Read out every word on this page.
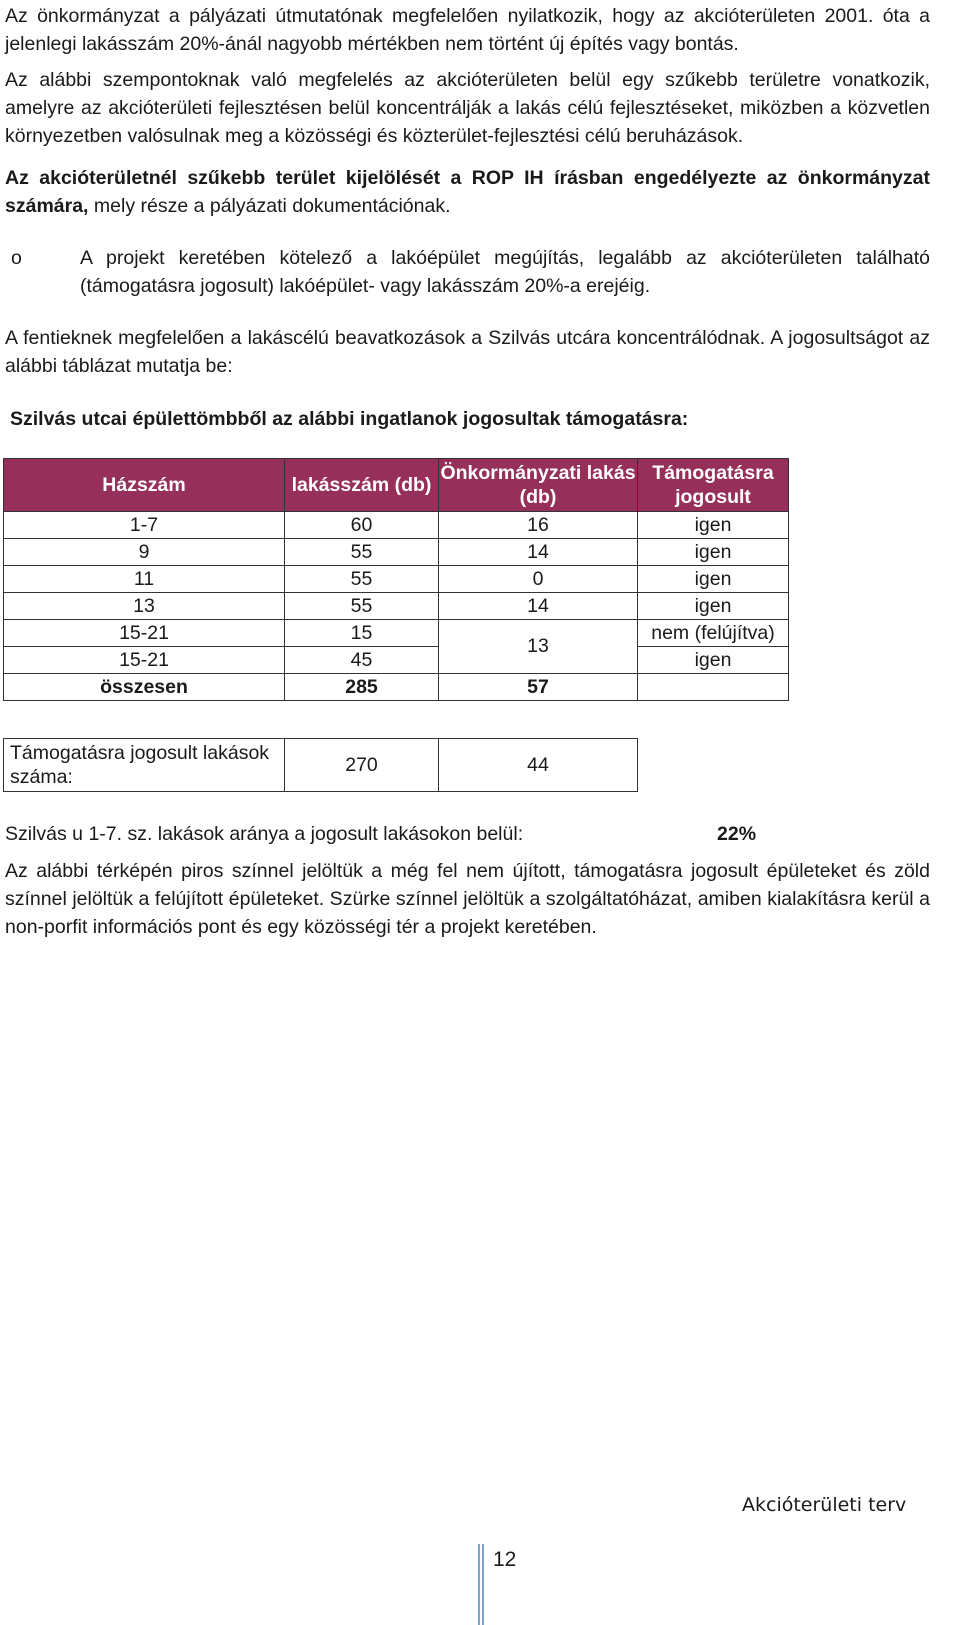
Az önkormányzat a pályázati útmutatónak megfelelően nyilatkozik, hogy az akcióterületen 2001. óta a jelenlegi lakásszám 20%-ánál nagyobb mértékben nem történt új építés vagy bontás.

Az alábbi szempontoknak való megfelelés az akcióterületen belül egy szűkebb területre vonatkozik, amelyre az akcióterületi fejlesztésen belül koncentrálják a lakás célú fejlesztéseket, miközben a közvetlen környezetben valósulnak meg a közösségi és közterület-fejlesztési célú beruházások.

Az akcióterületnél szűkebb terület kijelölését a ROP IH írásban engedélyezte az önkormányzat számára, mely része a pályázati dokumentációnak.

o	A projekt keretében kötelező a lakóépület megújítás, legalább az akcióterületen található (támogatásra jogosult) lakóépület- vagy lakásszám 20%-a erejéig.

A fentieknek megfelelően a lakáscélú beavatkozások a Szilvás utcára koncentrálódnak. A jogosultságot az alábbi táblázat mutatja be:

Szilvás utcai épülettömbből az alábbi ingatlanok jogosultak támogatásra:

Házszám	lakásszám (db)	Önkormányzati lakás (db)	Támogatásra jogosult
1-7	60	16	igen
9	55	14	igen
11	55	0	igen
13	55	14	igen
15-21	15	13	nem (felújítva)
15-21	45		igen
összesen	285	57	
Támogatásra jogosult lakások száma:	270	44
Szilvás u 1-7. sz. lakások aránya a jogosult lakásokon belül:	22%

Az alábbi térképén piros színnel jelöltük a még fel nem újított, támogatásra jogosult épületeket és zöld színnel jelöltük a felújított épületeket. Szürke színnel jelöltük a szolgáltatóházat, amiben kialakításra kerül a non-porfit információs pont és egy közösségi tér a projekt keretében.

Akcióterületi terv
12
